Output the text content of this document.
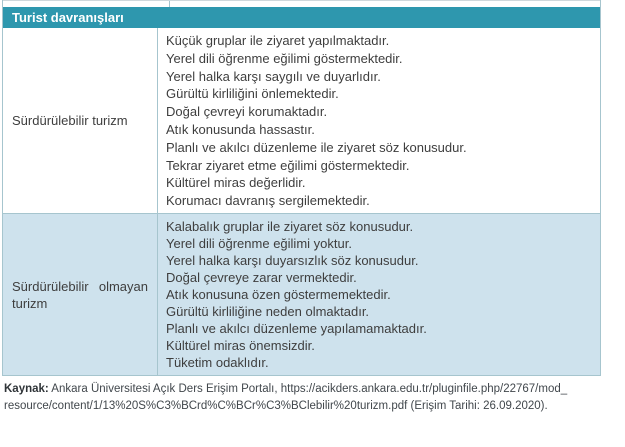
Turist davranışları
Sürdürülebilir turizm
Küçük gruplar ile ziyaret yapılmaktadır.
Yerel dili öğrenme eğilimi göstermektedir.
Yerel halka karşı saygılı ve duyarlıdır.
Gürültü kirliliğini önlemektedir.
Doğal çevreyi korumaktadır.
Atık konusunda hassastır.
Planlı ve akılcı düzenleme ile ziyaret söz konusudur.
Tekrar ziyaret etme eğilimi göstermektedir.
Kültürel miras değerlidir.
Korumacı davranış sergilemektedir.
Sürdürülebilir olmayan turizm
Kalabalık gruplar ile ziyaret söz konusudur.
Yerel dili öğrenme eğilimi yoktur.
Yerel halka karşı duyarsızlık söz konusudur.
Doğal çevreye zarar vermektedir.
Atık konusuna özen göstermemektedir.
Gürültü kirliliğine neden olmaktadır.
Planlı ve akılcı düzenleme yapılamamaktadır.
Kültürel miras önemsizdir.
Tüketim odaklıdır.
Kaynak: Ankara Üniversitesi Açık Ders Erişim Portalı, https://acikders.ankara.edu.tr/pluginfile.php/22767/mod_
resource/content/1/13%20S%C3%BCrd%C%BCr%C3%BClebilir%20turizm.pdf (Erişim Tarihi: 26.09.2020).
